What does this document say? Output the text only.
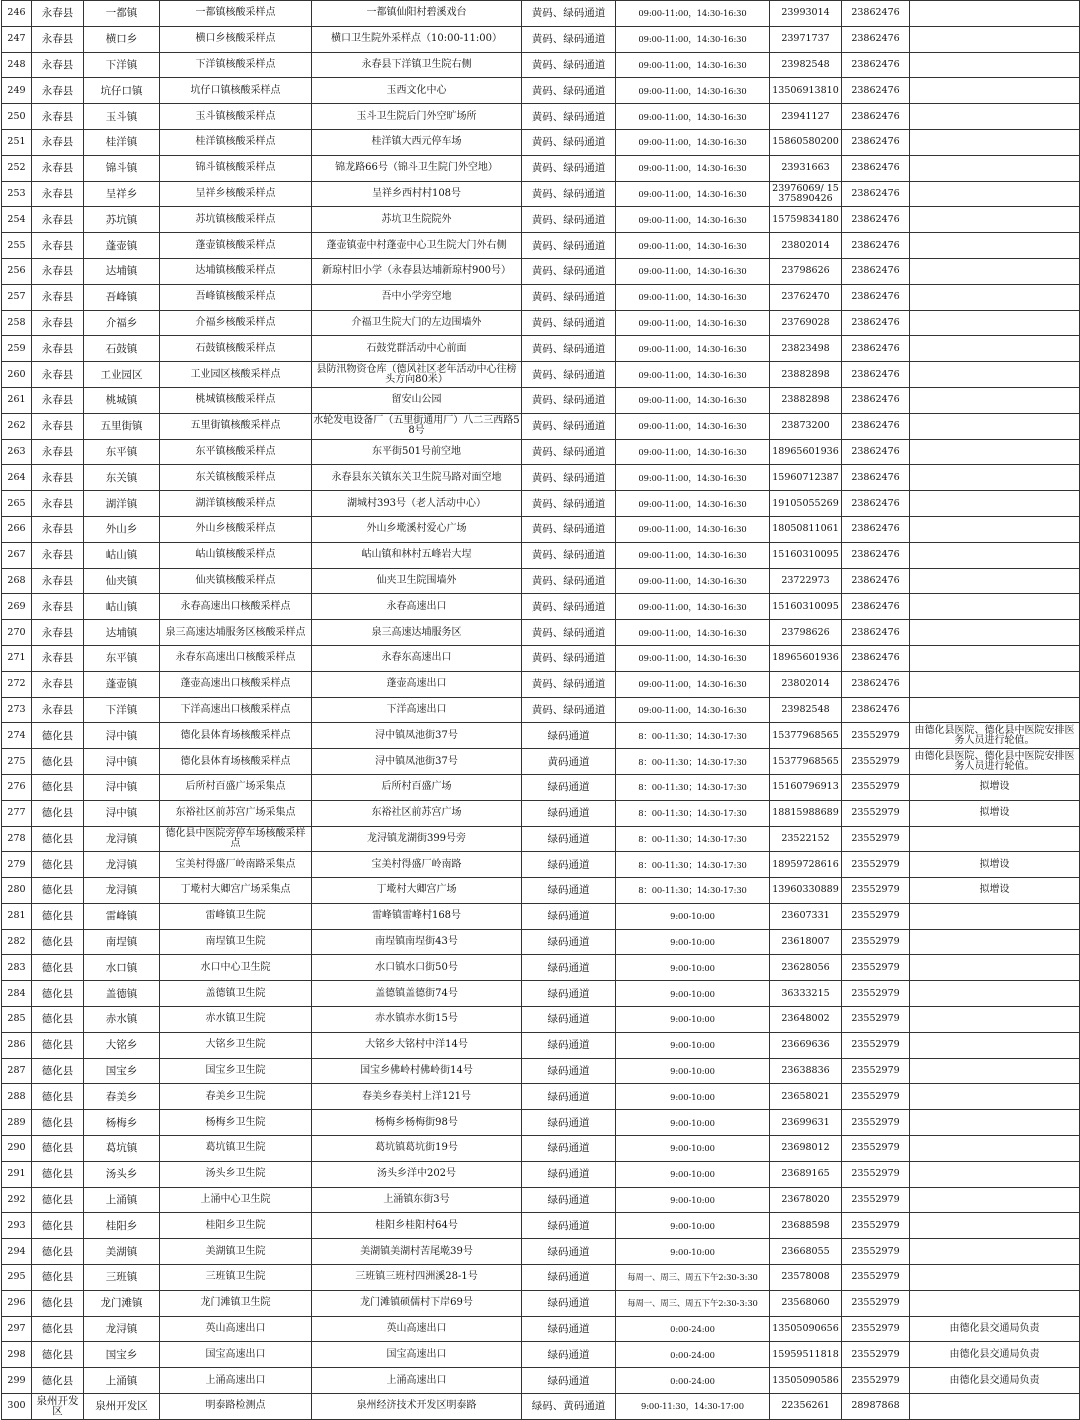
246	永春县	一都镇	一都镇核酸采样点	一都镇仙阳村碧溪戏台	黄码、绿码通道	09:00-11:00，14:30-16:30	23993014	23862476	
247	永春县	横口乡	横口乡核酸采样点	横口卫生院外采样点（10:00-11:00）	黄码、绿码通道	09:00-11:00，14:30-16:30	23971737	23862476	
248	永春县	下洋镇	下洋镇核酸采样点	永春县下洋镇卫生院右侧	黄码、绿码通道	09:00-11:00，14:30-16:30	23982548	23862476	
249	永春县	坑仔口镇	坑仔口镇核酸采样点	玉西文化中心	黄码、绿码通道	09:00-11:00，14:30-16:30	13506913810	23862476	
250	永春县	玉斗镇	玉斗镇核酸采样点	玉斗卫生院后门外空旷场所	黄码、绿码通道	09:00-11:00，14:30-16:30	23941127	23862476	
251	永春县	桂洋镇	桂洋镇核酸采样点	桂洋镇大西元停车场	黄码、绿码通道	09:00-11:00，14:30-16:30	15860580200	23862476	
252	永春县	锦斗镇	锦斗镇核酸采样点	锦龙路66号（锦斗卫生院门外空地）	黄码、绿码通道	09:00-11:00，14:30-16:30	23931663	23862476	
253	永春县	呈祥乡	呈祥乡核酸采样点	呈祥乡西村村108号	黄码、绿码通道	09:00-11:00，14:30-16:30	23976069/ 15375890426	23862476	
254	永春县	苏坑镇	苏坑镇核酸采样点	苏坑卫生院院外	黄码、绿码通道	09:00-11:00，14:30-16:30	15759834180	23862476	
255	永春县	蓬壶镇	蓬壶镇核酸采样点	蓬壶镇壶中村蓬壶中心卫生院大门外右侧	黄码、绿码通道	09:00-11:00，14:30-16:30	23802014	23862476	
256	永春县	达埔镇	达埔镇核酸采样点	新琼村旧小学（永春县达埔新琼村900号）	黄码、绿码通道	09:00-11:00，14:30-16:30	23798626	23862476	
257	永春县	吾峰镇	吾峰镇核酸采样点	吾中小学旁空地	黄码、绿码通道	09:00-11:00，14:30-16:30	23762470	23862476	
258	永春县	介福乡	介福乡核酸采样点	介福卫生院大门的左边围墙外	黄码、绿码通道	09:00-11:00，14:30-16:30	23769028	23862476	
259	永春县	石鼓镇	石鼓镇核酸采样点	石鼓党群活动中心前面	黄码、绿码通道	09:00-11:00，14:30-16:30	23823498	23862476	
260	永春县	工业园区	工业园区核酸采样点	县防汛物资仓库（德风社区老年活动中心往榜头方向80米）	黄码、绿码通道	09:00-11:00，14:30-16:30	23882898	23862476	
261	永春县	桃城镇	桃城镇核酸采样点	留安山公园	黄码、绿码通道	09:00-11:00，14:30-16:30	23882898	23862476	
262	永春县	五里街镇	五里街镇核酸采样点	水轮发电设备厂（五里街通用厂）八二三西路58号	黄码、绿码通道	09:00-11:00，14:30-16:30	23873200	23862476	
263	永春县	东平镇	东平镇核酸采样点	东平街501号前空地	黄码、绿码通道	09:00-11:00，14:30-16:30	18965601936	23862476	
264	永春县	东关镇	东关镇核酸采样点	永春县东关镇东关卫生院马路对面空地	黄码、绿码通道	09:00-11:00，14:30-16:30	15960712387	23862476	
265	永春县	湖洋镇	湖洋镇核酸采样点	湖城村393号（老人活动中心）	黄码、绿码通道	09:00-11:00，14:30-16:30	19105055269	23862476	
266	永春县	外山乡	外山乡核酸采样点	外山乡墘溪村爱心广场	黄码、绿码通道	09:00-11:00，14:30-16:30	18050811061	23862476	
267	永春县	岵山镇	岵山镇核酸采样点	岵山镇和林村五峰岩大埕	黄码、绿码通道	09:00-11:00，14:30-16:30	15160310095	23862476	
268	永春县	仙夹镇	仙夹镇核酸采样点	仙夹卫生院围墙外	黄码、绿码通道	09:00-11:00，14:30-16:30	23722973	23862476	
269	永春县	岵山镇	永春高速出口核酸采样点	永春高速出口	黄码、绿码通道	09:00-11:00，14:30-16:30	15160310095	23862476	
270	永春县	达埔镇	泉三高速达埔服务区核酸采样点	泉三高速达埔服务区	黄码、绿码通道	09:00-11:00，14:30-16:30	23798626	23862476	
271	永春县	东平镇	永春东高速出口核酸采样点	永春东高速出口	黄码、绿码通道	09:00-11:00，14:30-16:30	18965601936	23862476	
272	永春县	蓬壶镇	蓬壶高速出口核酸采样点	蓬壶高速出口	黄码、绿码通道	09:00-11:00，14:30-16:30	23802014	23862476	
273	永春县	下洋镇	下洋高速出口核酸采样点	下洋高速出口	黄码、绿码通道	09:00-11:00，14:30-16:30	23982548	23862476	
274	德化县	浔中镇	德化县体育场核酸采样点	浔中镇凤池街37号	绿码通道	8：00-11:30；14:30-17:30	15377968565	23552979	由德化县医院、德化县中医院安排医务人员进行轮值。
275	德化县	浔中镇	德化县体育场核酸采样点	浔中镇凤池街37号	黄码通道	8：00-11:30；14:30-17:30	15377968565	23552979	由德化县医院、德化县中医院安排医务人员进行轮值。
276	德化县	浔中镇	后所村百盛广场采集点	后所村百盛广场	绿码通道	8：00-11:30；14:30-17:30	15160796913	23552979	拟增设
277	德化县	浔中镇	东裕社区前苏宫广场采集点	东裕社区前苏宫广场	绿码通道	8：00-11:30；14:30-17:30	18815988689	23552979	拟增设
278	德化县	龙浔镇	德化县中医院旁停车场核酸采样点	龙浔镇龙湖街399号旁	绿码通道	8：00-11:30；14:30-17:30	23522152	23552979	
279	德化县	龙浔镇	宝美村得盛厂岭南路采集点	宝美村得盛厂岭南路	绿码通道	8：00-11:30；14:30-17:30	18959728616	23552979	拟增设
280	德化县	龙浔镇	丁墘村大卿宫广场采集点	丁墘村大卿宫广场	绿码通道	8：00-11:30；14:30-17:30	13960330889	23552979	拟增设
281	德化县	雷峰镇	雷峰镇卫生院	雷峰镇雷峰村168号	绿码通道	9:00-10:00	23607331	23552979	
282	德化县	南埕镇	南埕镇卫生院	南埕镇南埕街43号	绿码通道	9:00-10:00	23618007	23552979	
283	德化县	水口镇	水口中心卫生院	水口镇水口街50号	绿码通道	9:00-10:00	23628056	23552979	
284	德化县	盖德镇	盖德镇卫生院	盖德镇盖德街74号	绿码通道	9:00-10:00	36333215	23552979	
285	德化县	赤水镇	赤水镇卫生院	赤水镇赤水街15号	绿码通道	9:00-10:00	23648002	23552979	
286	德化县	大铭乡	大铭乡卫生院	大铭乡大铭村中洋14号	绿码通道	9:00-10:00	23669636	23552979	
287	德化县	国宝乡	国宝乡卫生院	国宝乡佛岭村佛岭街14号	绿码通道	9:00-10:00	23638836	23552979	
288	德化县	春美乡	春美乡卫生院	春美乡春美村上洋121号	绿码通道	9:00-10:00	23658021	23552979	
289	德化县	杨梅乡	杨梅乡卫生院	杨梅乡杨梅街98号	绿码通道	9:00-10:00	23699631	23552979	
290	德化县	葛坑镇	葛坑镇卫生院	葛坑镇葛坑街19号	绿码通道	9:00-10:00	23698012	23552979	
291	德化县	汤头乡	汤头乡卫生院	汤头乡洋中202号	绿码通道	9:00-10:00	23689165	23552979	
292	德化县	上涌镇	上涌中心卫生院	上涌镇东街3号	绿码通道	9:00-10:00	23678020	23552979	
293	德化县	桂阳乡	桂阳乡卫生院	桂阳乡桂阳村64号	绿码通道	9:00-10:00	23688598	23552979	
294	德化县	美湖镇	美湖镇卫生院	美湖镇美湖村苦尾墘39号	绿码通道	9:00-10:00	23668055	23552979	
295	德化县	三班镇	三班镇卫生院	三班镇三班村四洲溪28-1号	绿码通道	每周一、周三、周五下午2:30-3:30	23578008	23552979	
296	德化县	龙门滩镇	龙门滩镇卫生院	龙门滩镇硕儒村下岸69号	绿码通道	每周一、周三、周五下午2:30-3:30	23568060	23552979	
297	德化县	龙浔镇	英山高速出口	英山高速出口	绿码通道	0:00-24:00	13505090656	23552979	由德化县交通局负责
298	德化县	国宝乡	国宝高速出口	国宝高速出口	绿码通道	0:00-24:00	15959511818	23552979	由德化县交通局负责
299	德化县	上涌镇	上涌高速出口	上涌高速出口	绿码通道	0:00-24:00	13505090586	23552979	由德化县交通局负责
300	泉州开发区	泉州开发区	明泰路检测点	泉州经济技术开发区明泰路	绿码、黄码通道	9:00-11:30，14:30-17:00	22356261	28987868	
